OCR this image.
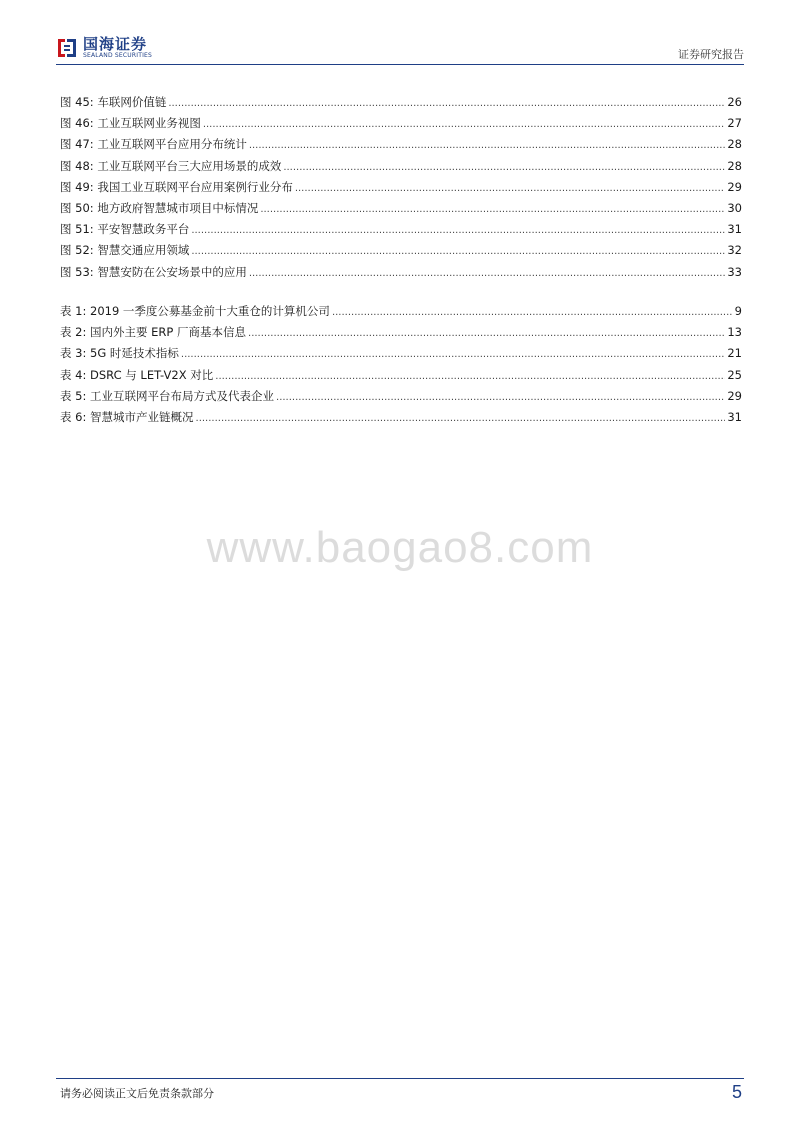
国海证券
SEALAND SECURITIES	证券研究报告
图 45: 车联网价值链 .....	26
图 46: 工业互联网业务视图 .....	27
图 47: 工业互联网平台应用分布统计 .....	28
图 48: 工业互联网平台三大应用场景的成效 .....	28
图 49: 我国工业互联网平台应用案例行业分布 .....	29
图 50: 地方政府智慧城市项目中标情况 .....	30
图 51: 平安智慧政务平台 .....	31
图 52: 智慧交通应用领域 .....	32
图 53: 智慧安防在公安场景中的应用 .....	33
表 1: 2019 一季度公募基金前十大重仓的计算机公司 .....	9
表 2: 国内外主要 ERP 厂商基本信息 .....	13
表 3: 5G 时延技术指标 .....	21
表 4: DSRC 与 LET-V2X 对比 .....	25
表 5: 工业互联网平台布局方式及代表企业 .....	29
表 6: 智慧城市产业链概况 .....	31
www.baogao8.com
请务必阅读正文后免责条款部分	5
